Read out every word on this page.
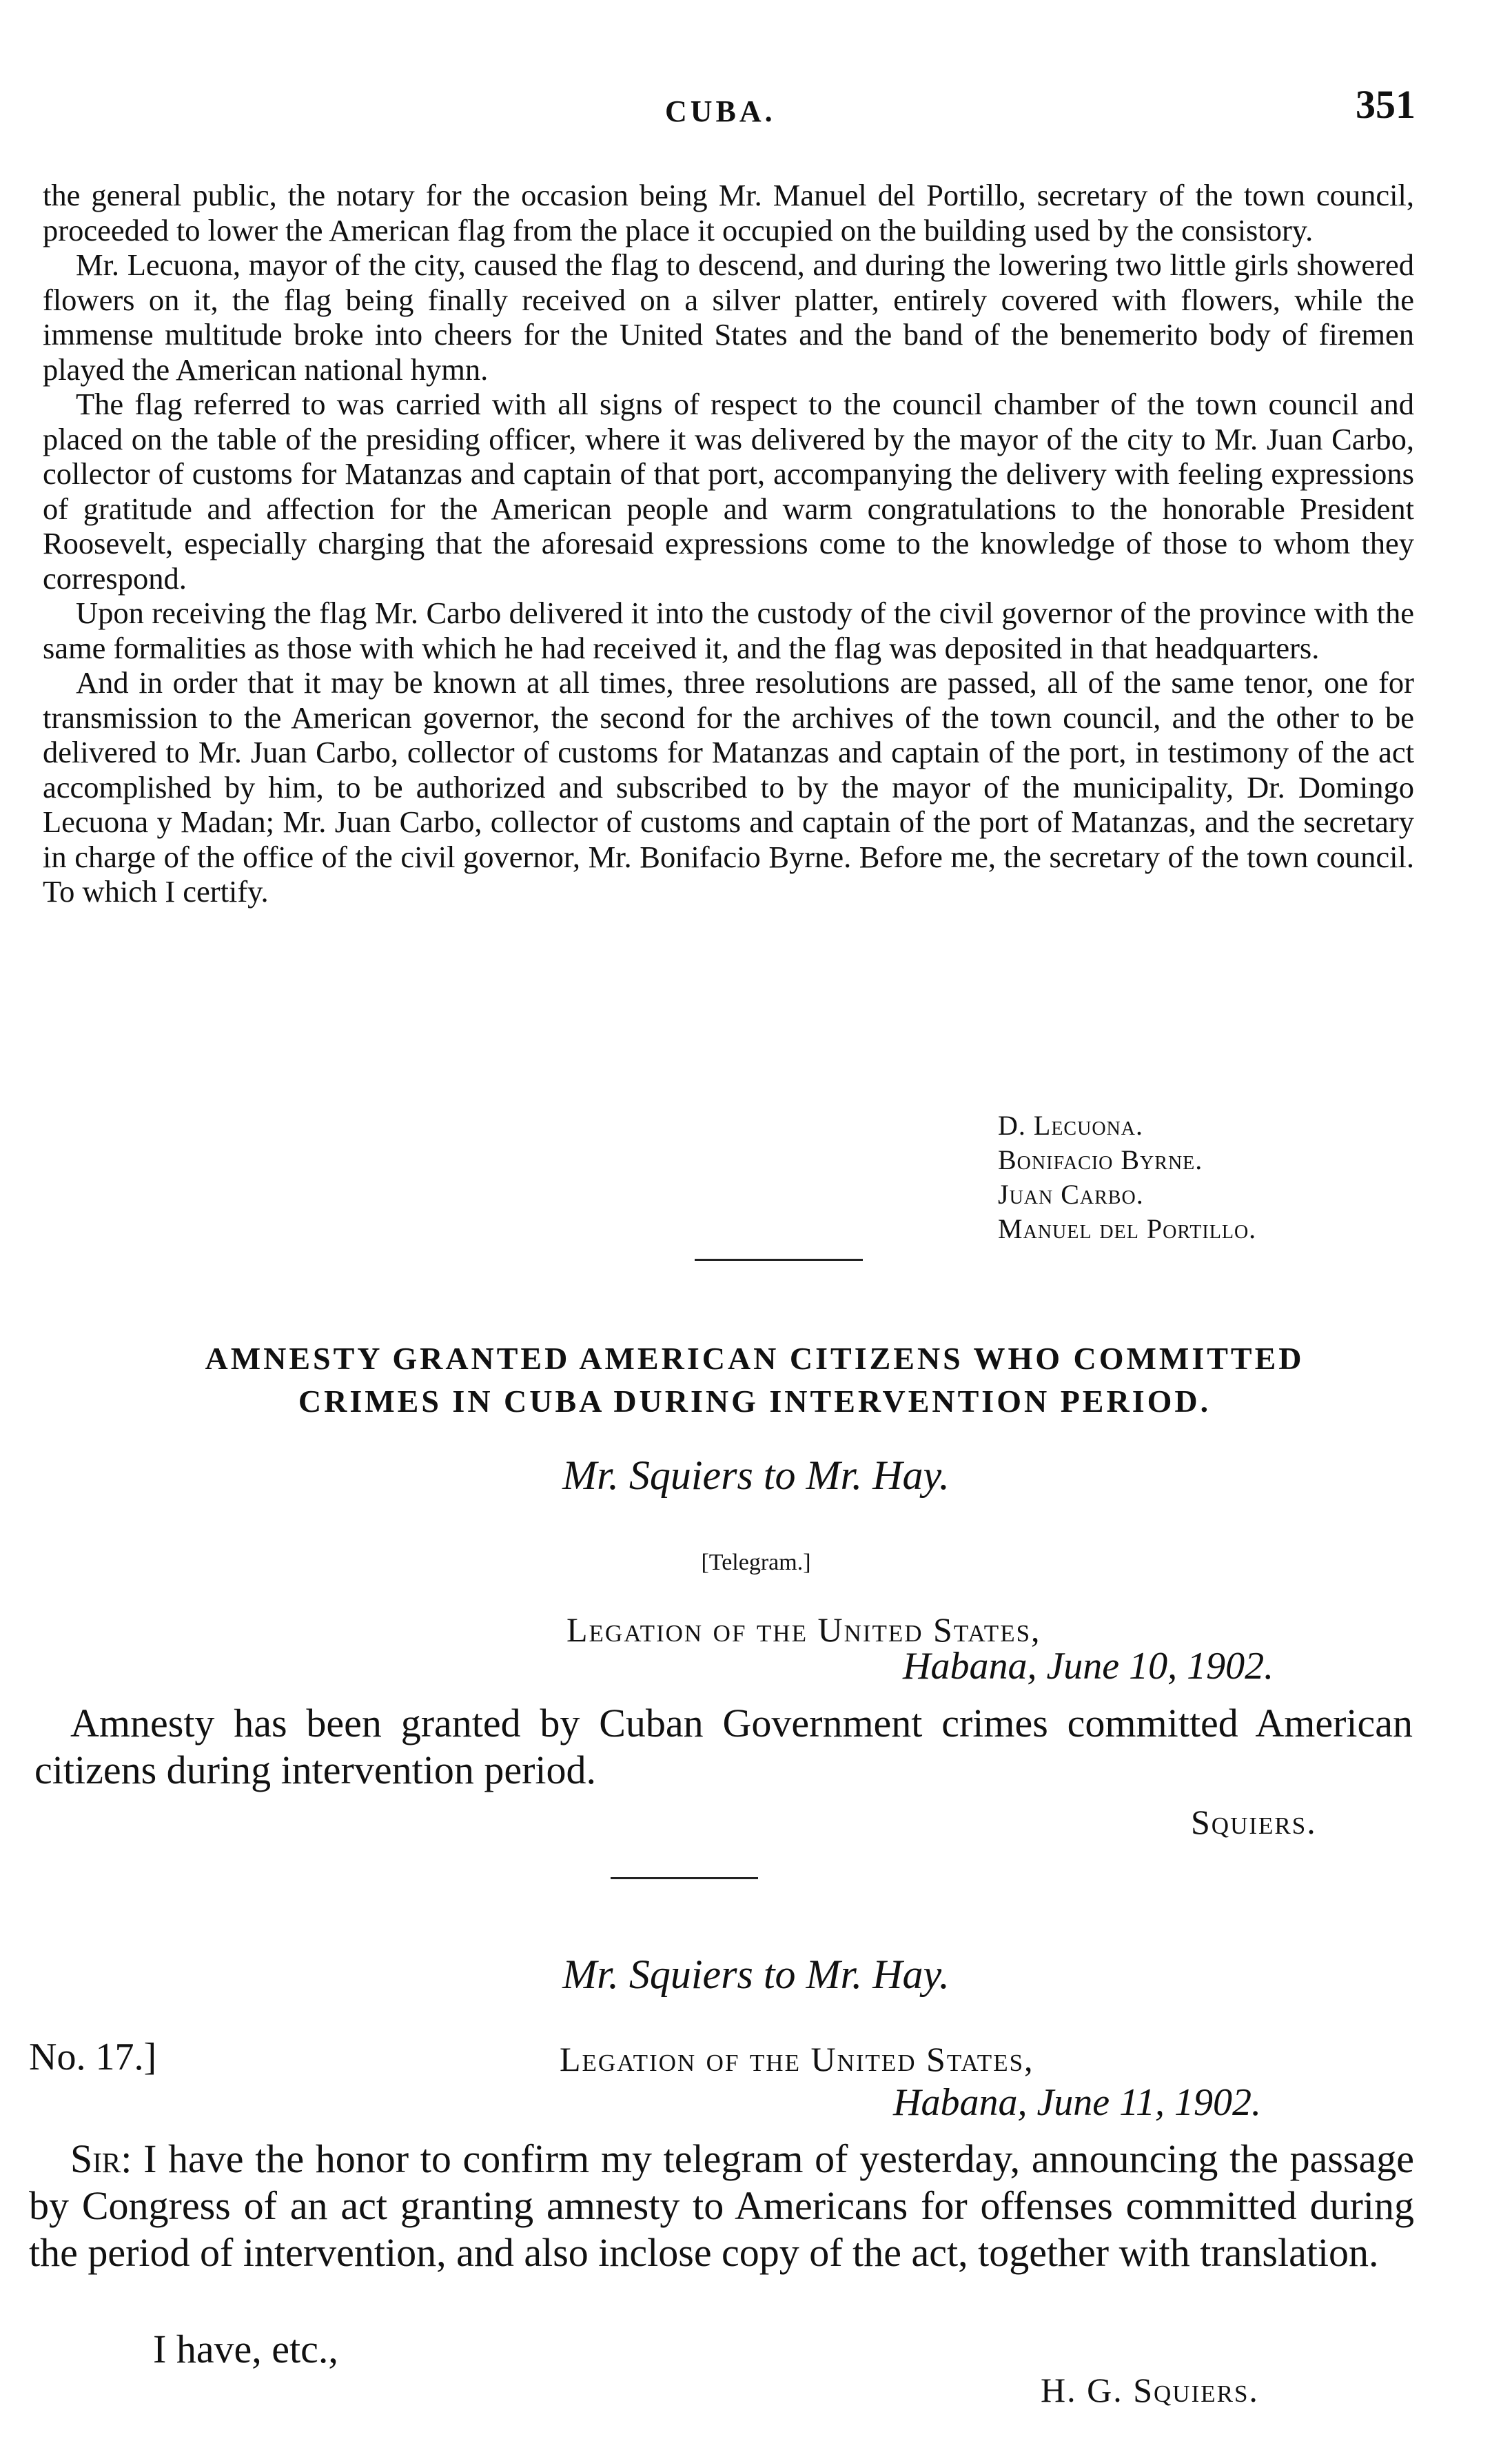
CUBA.	351

the general public, the notary for the occasion being Mr. Manuel del Portillo, secretary of the town council, proceeded to lower the American flag from the place it occupied on the building used by the consistory.

Mr. Lecuona, mayor of the city, caused the flag to descend, and during the lowering two little girls showered flowers on it, the flag being finally received on a silver platter, entirely covered with flowers, while the immense multitude broke into cheers for the United States and the band of the benemerito body of firemen played the American national hymn.

The flag referred to was carried with all signs of respect to the council chamber of the town council and placed on the table of the presiding officer, where it was delivered by the mayor of the city to Mr. Juan Carbo, collector of customs for Matanzas and captain of that port, accompanying the delivery with feeling expressions of gratitude and affection for the American people and warm congratulations to the honorable President Roosevelt, especially charging that the aforesaid expressions come to the knowledge of those to whom they correspond.

Upon receiving the flag Mr. Carbo delivered it into the custody of the civil governor of the province with the same formalities as those with which he had received it, and the flag was deposited in that headquarters.

And in order that it may be known at all times, three resolutions are passed, all of the same tenor, one for transmission to the American governor, the second for the archives of the town council, and the other to be delivered to Mr. Juan Carbo, collector of customs for Matanzas and captain of the port, in testimony of the act accomplished by him, to be authorized and subscribed to by the mayor of the municipality, Dr. Domingo Lecuona y Madan; Mr. Juan Carbo, collector of customs and captain of the port of Matanzas, and the secretary in charge of the office of the civil governor, Mr. Bonifacio Byrne. Before me, the secretary of the town council. To which I certify.

D. Lecuona.
Bonifacio Byrne.
Juan Carbo.
Manuel del Portillo.
AMNESTY GRANTED AMERICAN CITIZENS WHO COMMITTED
CRIMES IN CUBA DURING INTERVENTION PERIOD.
Mr. Squiers to Mr. Hay.
[Telegram.]
Legation of the United States,
Habana, June 10, 1902.

Amnesty has been granted by Cuban Government crimes committed American citizens during intervention period.

Squiers.
Mr. Squiers to Mr. Hay.
No. 17.]	Legation of the United States,
Habana, June 11, 1902.

Sir: I have the honor to confirm my telegram of yesterday, announcing the passage by Congress of an act granting amnesty to Americans for offenses committed during the period of intervention, and also inclose copy of the act, together with translation.

I have, etc.,
H. G. Squiers.
